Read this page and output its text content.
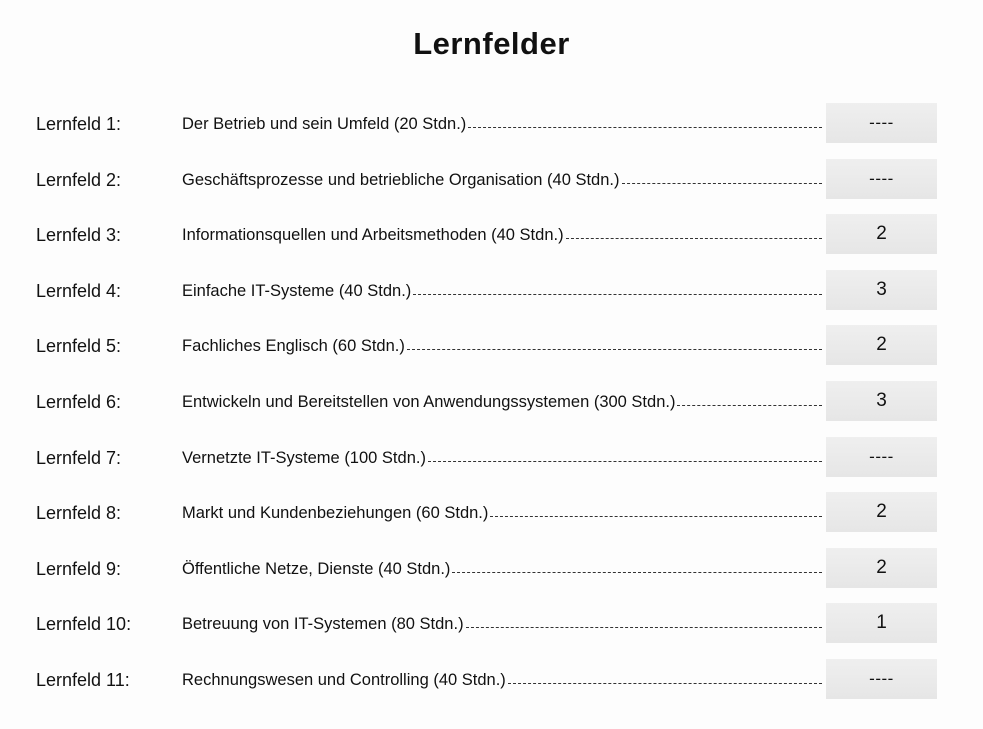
Lernfelder
Lernfeld 1:	Der Betrieb und sein Umfeld (20 Stdn.)	----
Lernfeld 2:	Geschäftsprozesse und betriebliche Organisation (40 Stdn.)	----
Lernfeld 3:	Informationsquellen und Arbeitsmethoden (40 Stdn.)	2
Lernfeld 4:	Einfache IT-Systeme (40 Stdn.)	3
Lernfeld 5:	Fachliches Englisch (60 Stdn.)	2
Lernfeld 6:	Entwickeln und Bereitstellen von Anwendungssystemen (300 Stdn.)	3
Lernfeld 7:	Vernetzte IT-Systeme (100 Stdn.)	----
Lernfeld 8:	Markt und Kundenbeziehungen (60 Stdn.)	2
Lernfeld 9:	Öffentliche Netze, Dienste (40 Stdn.)	2
Lernfeld 10:	Betreuung von IT-Systemen (80 Stdn.)	1
Lernfeld 11:	Rechnungswesen und Controlling (40 Stdn.)	----
